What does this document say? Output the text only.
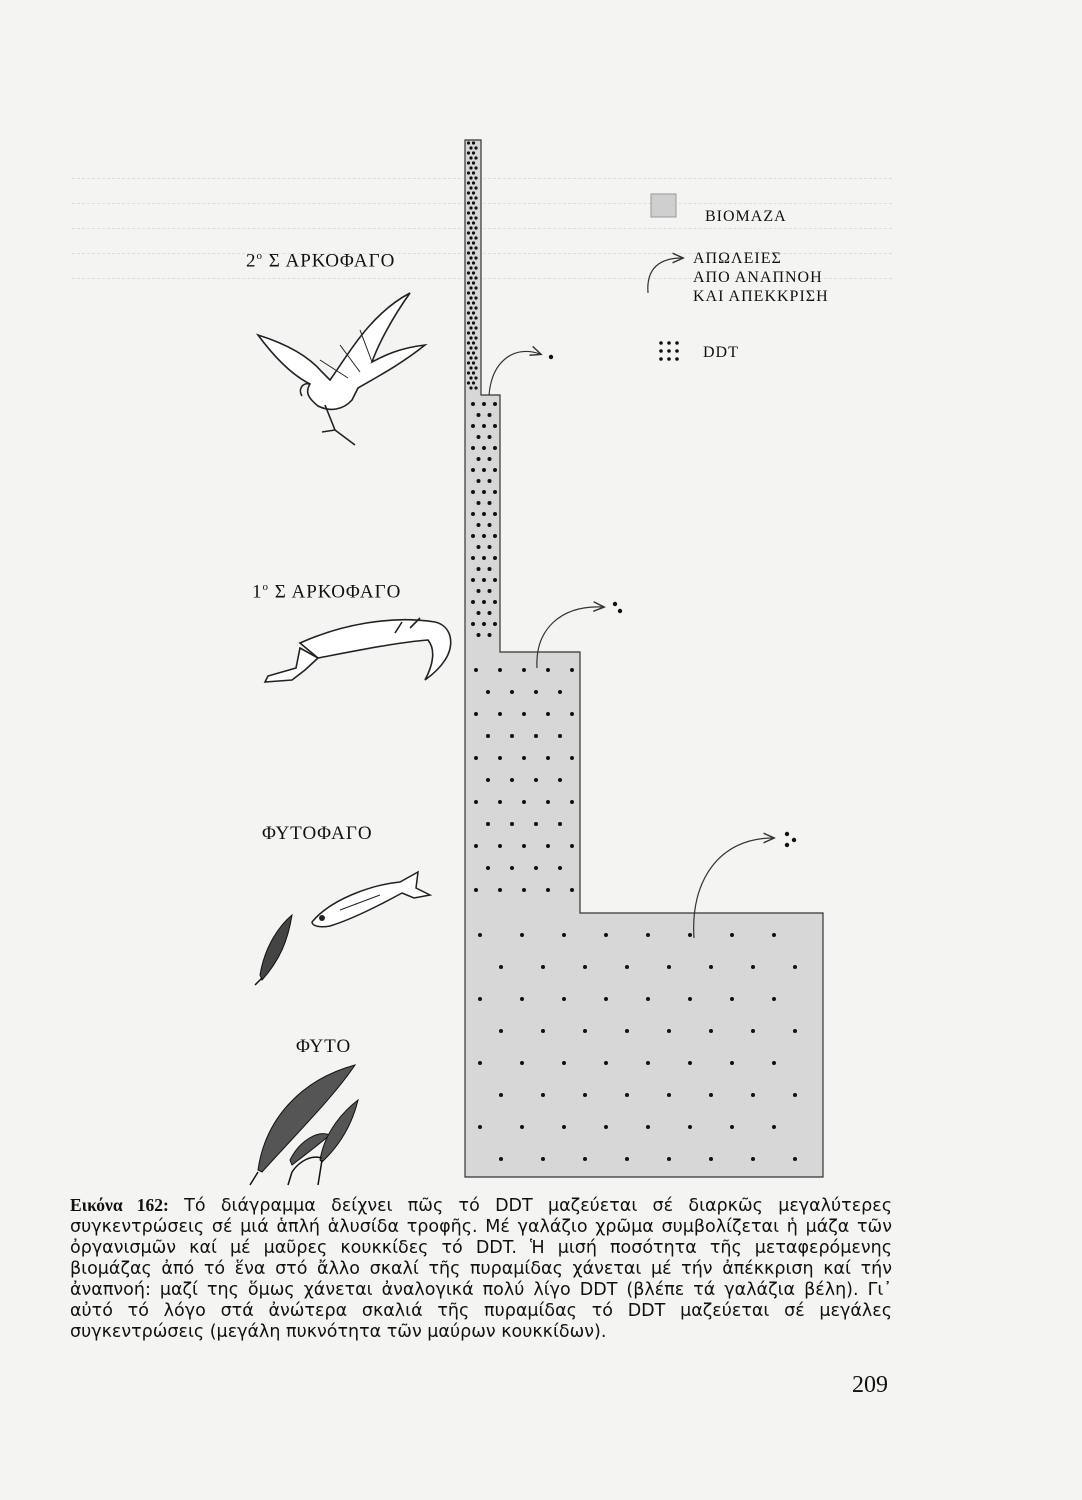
$2^o$ Σ ΑΡΚΟΦΑΓΟ
$1^o$ Σ ΑΡΚΟΦΑΓΟ
ΦΥΤΟΦΑΓΟ
ΦΥΤΟ
ΒΙΟΜΑΖΑ
ΑΠΩΛΕΙΕΣ
ΑΠΟ ΑΝΑΠΝΟΗ
ΚΑΙ ΑΠΕΚΚΡΙΣΗ
DDT
Εικόνα 162: Τό διάγραμμα δείχνει πῶς τό DDT μαζεύεται σέ διαρκῶς μεγαλύτερες συγκεντρώσεις σέ μιά ἁπλή ἁλυσίδα τροφῆς. Μέ γαλάζιο χρῶμα συμβολίζεται ἡ μάζα τῶν ὀργανισμῶν καί μέ μαῦρες κουκκίδες τό DDT. Ἡ μισή ποσότητα τῆς μεταφερόμενης βιομάζας ἀπό τό ἕνα στό ἄλλο σκαλί τῆς πυραμίδας χάνεται μέ τήν ἀπέκκριση καί τήν ἀναπνοή: μαζί της ὅμως χάνεται ἀναλογικά πολύ λίγο DDT (βλέπε τά γαλάζια βέλη). Γι᾽ αὐτό τό λόγο στά ἀνώτερα σκαλιά τῆς πυραμίδας τό DDT μαζεύεται σέ μεγάλες συγκεντρώσεις (μεγάλη πυκνότητα τῶν μαύρων κουκκίδων).
209
